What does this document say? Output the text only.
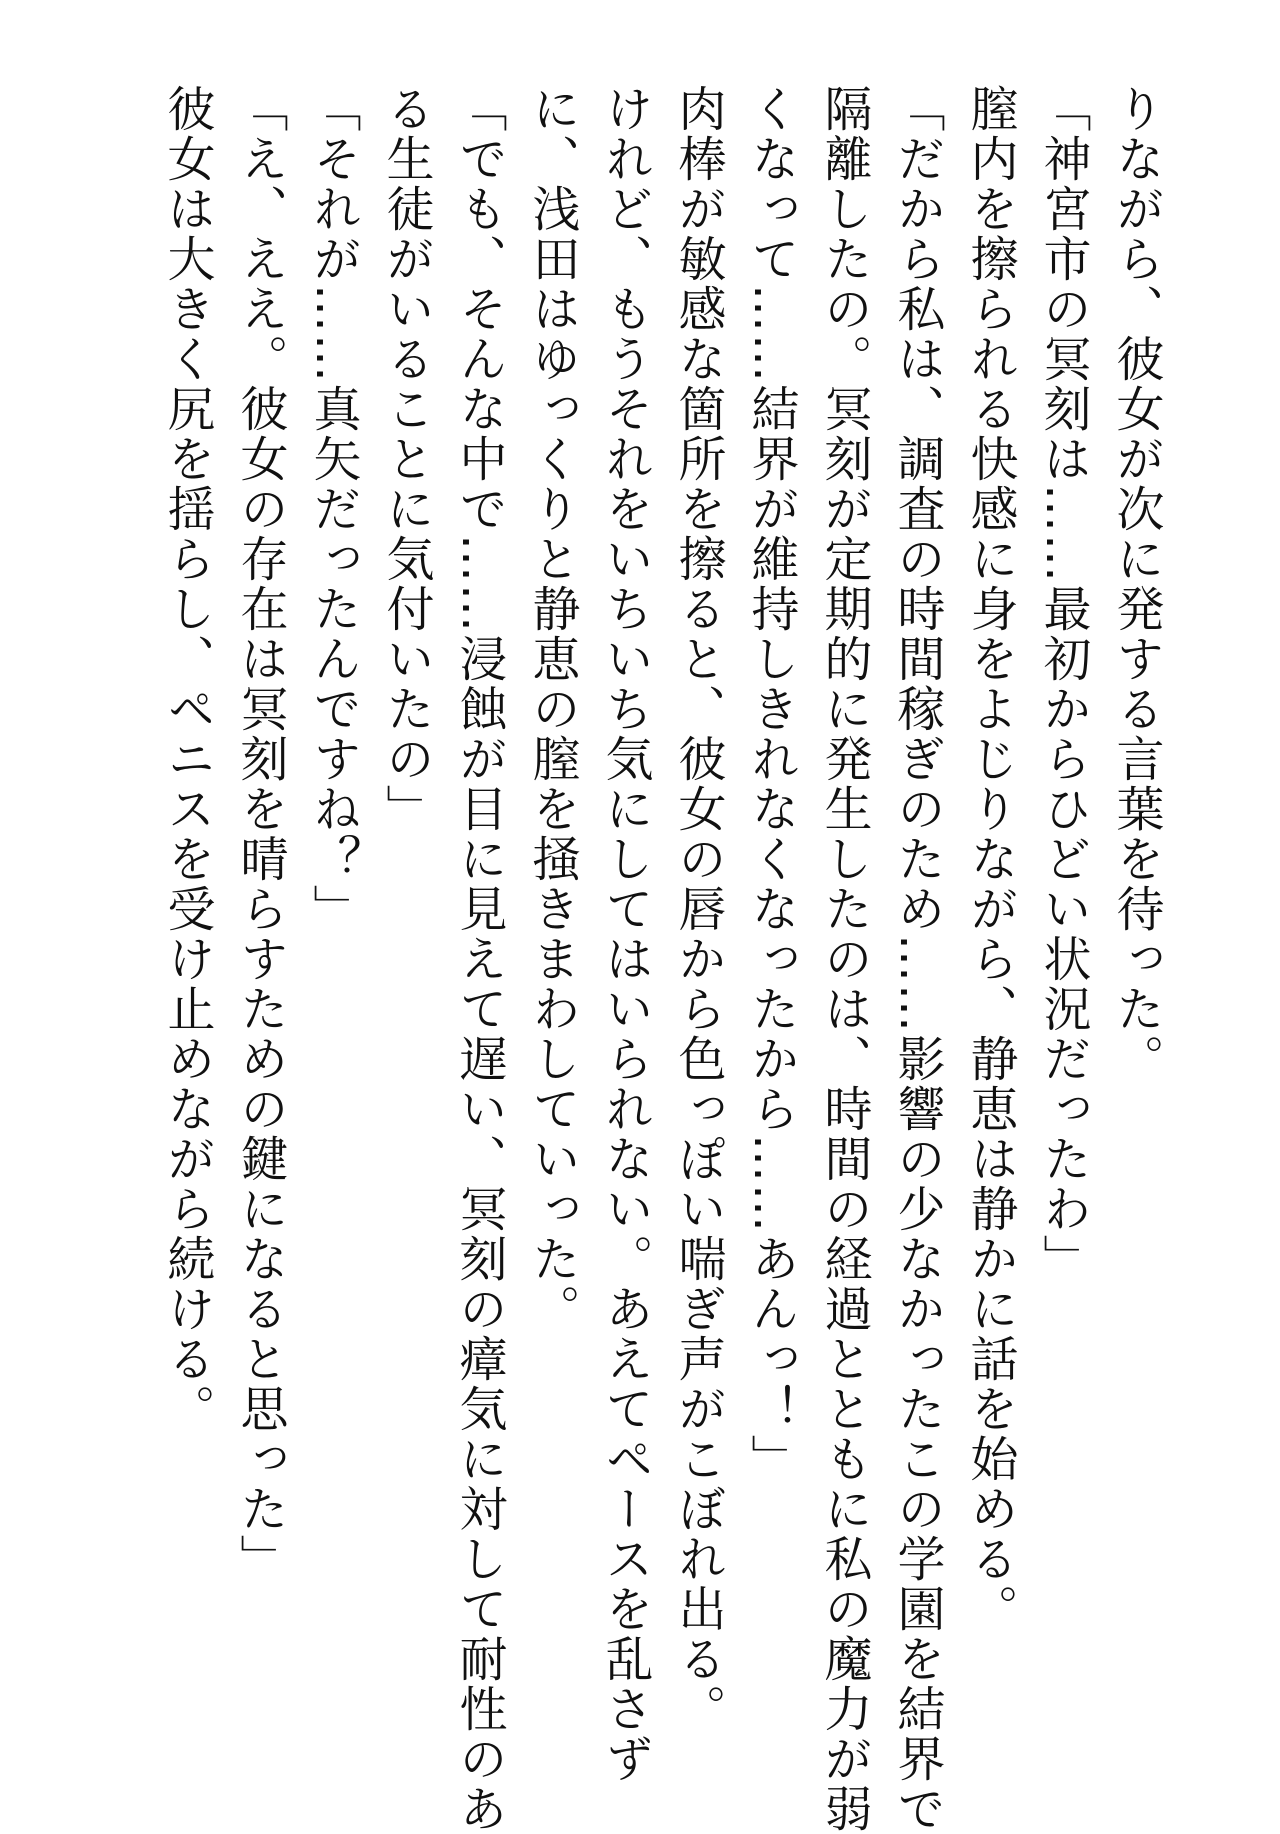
りながら、彼女が次に発する言葉を待った。

「神宮市の冥刻は……最初からひどい状況だったわ」

膣内を擦られる快感に身をよじりながら、静恵は静かに話を始める。

「だから私は、調査の時間稼ぎのため……影響の少なかったこの学園を結界で

隔離したの。冥刻が定期的に発生したのは、時間の経過とともに私の魔力が弱

くなって……結界が維持しきれなくなったから……あんっ！」

肉棒が敏感な箇所を擦ると、彼女の唇から色っぽい喘ぎ声がこぼれ出る。

けれど、もうそれをいちいち気にしてはいられない。あえてペースを乱さず

に、浅田はゆっくりと静恵の膣を掻きまわしていった。

「でも、そんな中で……浸蝕が目に見えて遅い、冥刻の瘴気に対して耐性のあ

る生徒がいることに気付いたの」

「それが……真矢だったんですね？」

「え、ええ。彼女の存在は冥刻を晴らすための鍵になると思った」

彼女は大きく尻を揺らし、ペニスを受け止めながら続ける。
